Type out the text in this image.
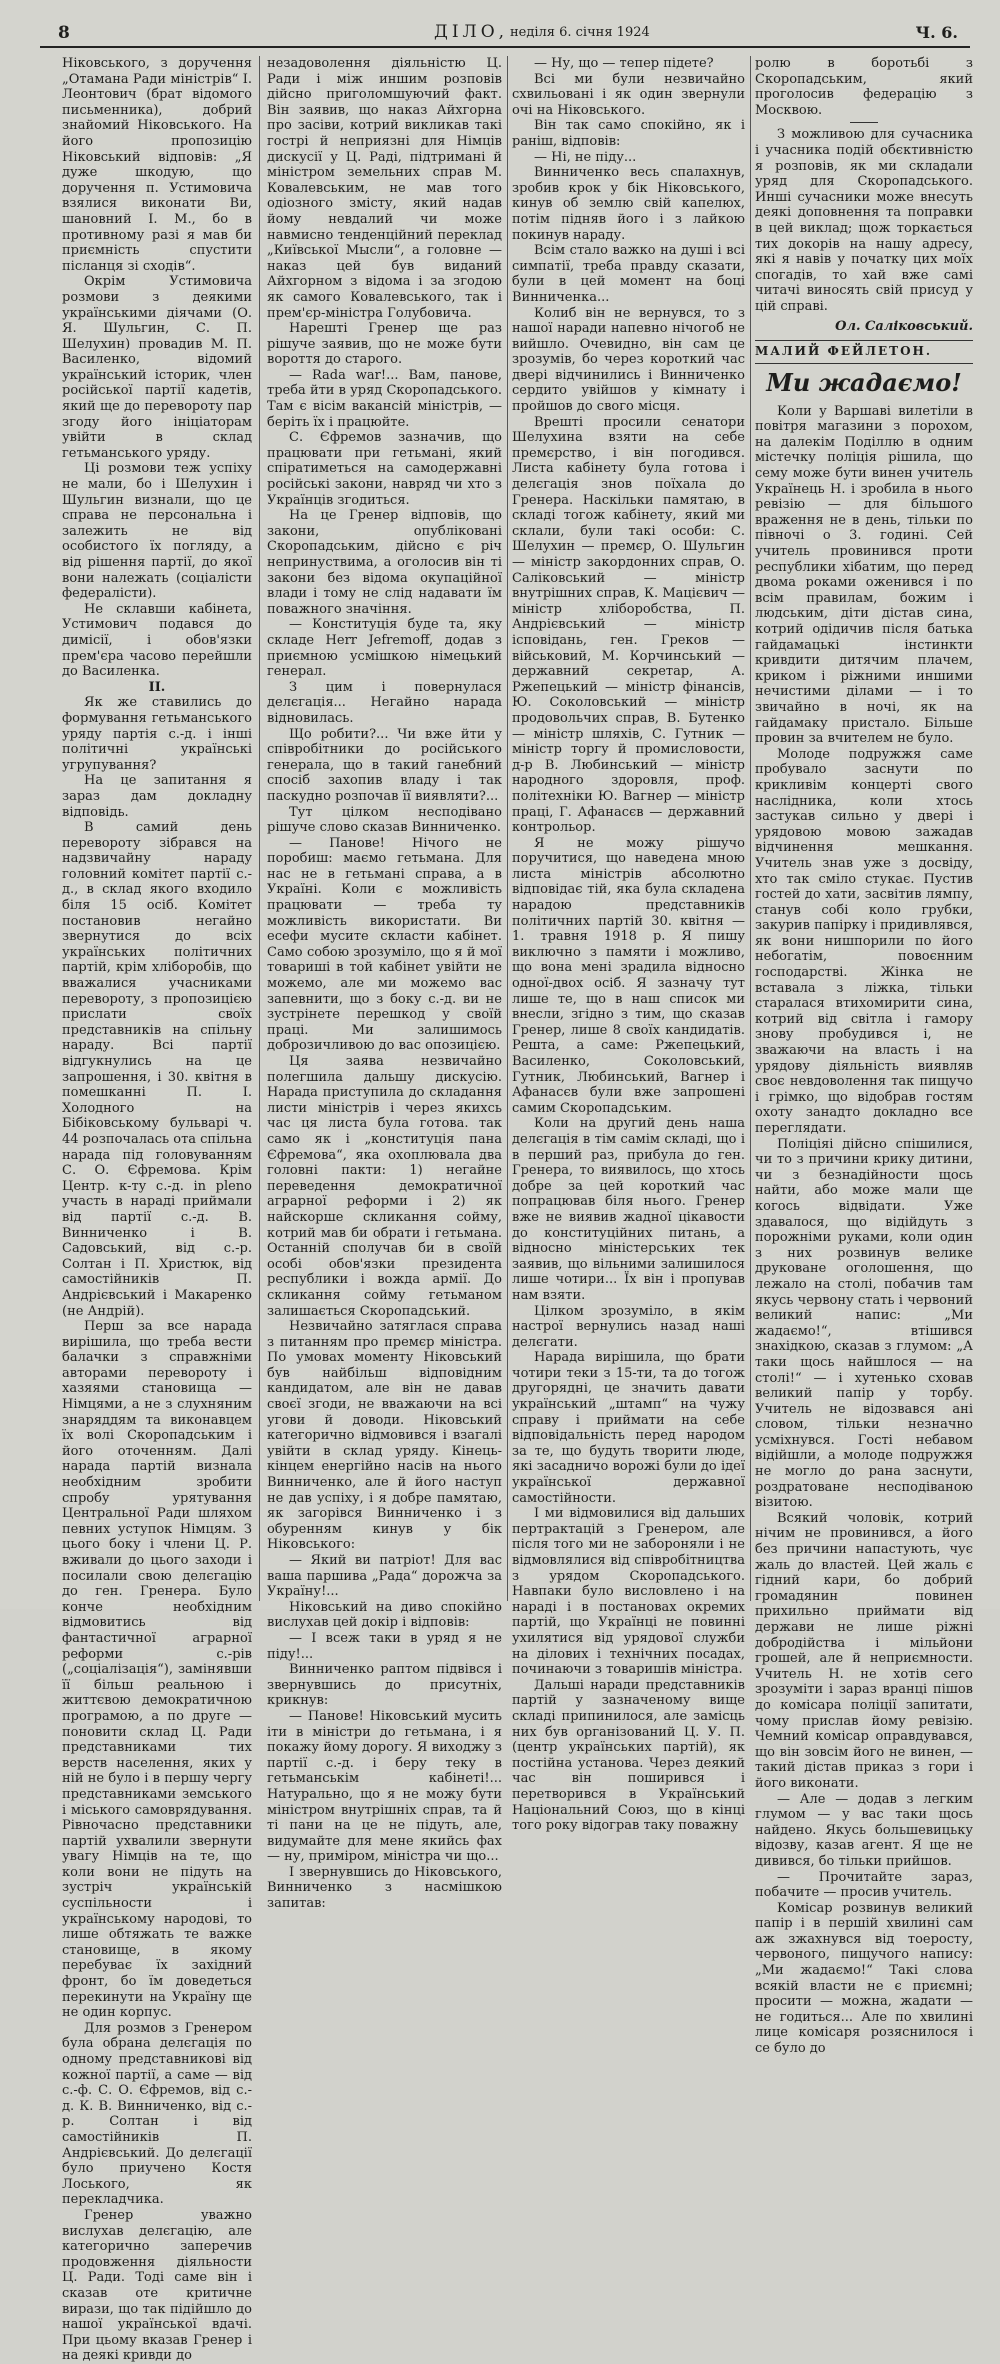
8	ДІЛО, неділя 6. січня 1924	Ч. 6.

Ніковського, з доручення „Отамана Ради міністрів“ І. Леонтович (брат відомого письменника), добрий знайомий Ніковського. На його пропозицію Ніковський відповів: „Я дуже шкодую, що доручення п. Устимовича взялися виконати Ви, шановний І. М., бо в противному разі я мав би приємність спустити післанця зі сходів“.

Окрім Устимовича розмови з деякими українськими діячами (О. Я. Шульгин, С. П. Шелухин) провадив М. П. Василенко, відомий український історик, член російської партії кадетів, який ще до перевороту пар згоду його ініціаторам увійти в склад гетьманського уряду.

Ці розмови теж успіху не мали, бо і Шелухин і Шульгин визнали, що це справа не персональна і залежить не від особистого їх погляду, а від рішення партії, до якої вони належать (соціалісти федералісти).

Не склавши кабінета, Устимович подався до димісії, і обов'язки прем'єра часово перейшли до Василенка.

II.

Як же ставились до формування гетьманського уряду партія с.-д. і інші політичні українські угрупування?

На це запитання я зараз дам докладну відповідь.

В самий день перевороту зібрався на надзвичайну нараду головний комітет партії с.-д., в склад якого входило біля 15 осіб. Комітет постановив негайно звернутися до всіх українських політичних партій, крім хліборобів, що вважалися учасниками перевороту, з пропозицією прислати своїх представників на спільну нараду. Всі партії відгукнулись на це запрошення, і 30. квітня в помешканні П. І. Холодного на Бібіковському бульварі ч. 44 розпочалась ота спільна нарада під головуванням С. О. Єфремова. Крім Центр. к-ту с.-д. in pleno участь в нараді приймали від партії с.-д. В. Винниченко і В. Садовський, від с.-р. Солтан і П. Христюк, від самостійників П. Андрієвський і Макаренко (не Андрій).

Перш за все нарада вирішила, що треба вести балачки з справжніми авторами перевороту і хазяями становища — Німцями, а не з слухняним знаряддям та виконавцем їх волі Скоропадським і його оточенням. Далі нарада партій визнала необхідним зробити спробу урятування Центральної Ради шляхом певних уступок Німцям. З цього боку і члени Ц. Р. вживали до цього заходи і посилали свою делєгацію до ген. Гренера. Було конче необхідним відмовитись від фантастичної аграрної реформи с.-рів („соціалізація“), замінявши її більш реальною і життєвою демократичною програмою, а по друге — поновити склад Ц. Ради представниками тих верств населення, яких у ній не було і в першу чергу представниками земського і міського самоврядування. Рівночасно представники партій ухвалили звернути увагу Німців на те, що коли вони не підуть на зустріч українській суспільности і українському народові, то лише обтяжать те важке становище, в якому перебуває їх західний фронт, бо їм доведеться перекинути на Україну ще не один корпус.

Для розмов з Гренером була обрана делєгація по одному представникові від кожної партії, а саме — від с.-ф. С. О. Єфремов, від с.-д. К. В. Винниченко, від с.-р. Солтан і від самостійників П. Андрієвський. До делєгації було приучено Костя Лоського, як перекладчика.

Гренер уважно вислухав делєгацію, але категорично заперечив продовження діяльности Ц. Ради. Тоді саме він і сказав оте критичне вирази, що так підійшло до нашої української вдачі. При цьому вказав Гренер і на деякі кривди до

незадоволення діяльністю Ц. Ради і між иншим розповів дійсно приголомшуючий факт. Він заявив, що наказ Айхгорна про засіви, котрий викликав такі гострі й неприязні для Німців дискусії у Ц. Раді, підтримані й міністром земельних справ М. Ковалевським, не мав того одіозного змісту, який надав йому невдалий чи може навмисно тенденційний переклад „Київської Мысли“, а головне — наказ цей був виданий Айхгорном з відома і за згодою як самого Ковалевського, так і прем'єр-міністра Голубовича.

Нарешті Гренер ще раз рішуче заявив, що не може бути вороття до старого.

— Rada war!... Вам, панове, треба йти в уряд Скоропадського. Там є вісім вакансій міністрів, — беріть їх і працюйте.

С. Єфремов зазначив, що працювати при гетьмані, який спіратиметься на самодержавні російські закони, навряд чи хто з Українців згодиться.

На це Гренер відповів, що закони, опубліковані Скоропадським, дійсно є річ непринуствима, а оголосив він ті закони без відома окупаційної влади і тому не слід надавати їм поважного значіння.

— Конституція буде та, яку складе Herr Jefremoff, додав з приємною усмішкою німецький генерал.

З цим і повернулася делєгація... Негайно нарада відновилась.

Що робити?... Чи вже йти у співробітники до російського генерала, що в такий ганебний спосіб захопив владу і так паскудно розпочав її виявляти?...

Тут цілком несподівано рішуче слово сказав Винниченко.

— Панове! Нічого не поробиш: маємо гетьмана. Для нас не в гетьмані справа, а в Україні. Коли є можливість працювати — треба ту можливість використати. Ви есефи мусите скласти кабінет. Само собою зрозуміло, що я й мої товариші в той кабінет увійти не можемо, але ми можемо вас запевнити, що з боку с.-д. ви не зустрінете перешкод у своїй праці. Ми залишимось доброзичливою до вас опозицією.

Ця заява незвичайно полегшила дальшу дискусію. Нарада приступила до складання листи міністрів і через якихсь час ця листа була готова. так само як і „конституція пана Єфремова“, яка охоплювала два головні пакти: 1) негайне переведення демократичної аграрної реформи і 2) як найскорше скликання сойму, котрий мав би обрати і гетьмана. Останній сполучав би в своїй особі обов'язки президента республики і вожда армії. До скликання сойму гетьманом залишається Скоропадський.

Незвичайно затяглася справа з питанням про премєр міністра. По умовах моменту Ніковський був найбільш відповідним кандидатом, але він не давав своєї згоди, не вважаючи на всі угови й доводи. Ніковський категорично відмовився і взагалі увійти в склад уряду. Кінець-кінцем енергійно насів на нього Винниченко, але й його наступ не дав успіху, і я добре памятаю, як загорівся Винниченко і з обуренням кинув у бік Ніковського:

— Який ви патріот! Для вас ваша паршива „Рада“ дорожча за Україну!...

Ніковський на диво спокійно вислухав цей докір і відповів:

— І всеж таки в уряд я не піду!...

Винниченко раптом підвівся і звернувшись до присутніх, крикнув:

— Панове! Ніковський мусить іти в міністри до гетьмана, і я покажу йому дорогу. Я виходжу з партії с.-д. і беру теку в гетьманськім кабінеті!... Натурально, що я не можу бути міністром внутрішніх справ, та й ті пани на це не підуть, але, видумайте для мене якийсь фах — ну, приміром, міністра чи що...

І звернувшись до Ніковського, Винниченко з насмішкою запитав:

— Ну, що — тепер підете?

Всі ми були незвичайно схвильовані і як один звернули очі на Ніковського.

Він так само спокійно, як і раніш, відповів:

— Ні, не піду...

Винниченко весь спалахнув, зробив крок у бік Ніковського, кинув об землю свій капелюх, потім підняв його і з лайкою покинув нараду.

Всім стало важко на душі і всі симпатії, треба правду сказати, були в цей момент на боці Винниченка...

Колиб він не вернувся, то з нашої наради напевно нічогоб не вийшло. Очевидно, він сам це зрозумів, бо через короткий час двері відчинились і Винниченко сердито увійшов у кімнату і пройшов до свого місця.

Врешті просили сенатори Шелухина взяти на себе премєрство, і він погодився. Листа кабінету була готова і делєгація знов поїхала до Гренера. Наскільки памятаю, в складі тогож кабінету, який ми склали, були такі особи: С. Шелухин — премєр, О. Шульгин — міністр закордонних справ, О. Саліковський — міністр внутрішних справ, К. Мацієвич — міністр хліборобства, П. Андрієвський — міністр ісповідань, ген. Греков — військовий, М. Корчинський — державний секретар, А. Ржепецький — міністр фінансів, Ю. Соколовський — міністр продовольчих справ, В. Бутенко — міністр шляхів, С. Гутник — міністр торгу й промисловости, д-р В. Любинський — міністр народного здоровля, проф. політехніки Ю. Вагнер — міністр праці, Г. Афанасєв — державний контрольор.

Я не можу рішучо поручитися, що наведена мною листа міністрів абсолютно відповідає тій, яка була складена нарадою представників політичних партій 30. квітня — 1. травня 1918 р. Я пишу виключно з памяти і можливо, що вона мені зрадила відносно одної-двох осіб. Я зазначу тут лише те, що в наш список ми внесли, згідно з тим, що сказав Гренер, лише 8 своїх кандидатів. Решта, а саме: Ржепецький, Василенко, Соколовський, Гутник, Любинський, Вагнер і Афанасєв були вже запрошені самим Скоропадським.

Коли на другий день наша делєгація в тім самім складі, що і в перший раз, прибула до ген. Гренера, то виявилось, що хтось добре за цей короткий час попрацював біля нього. Гренер вже не виявив жадної цікавости до конституційних питань, а відносно міністерських тек заявив, що вільними залишилося лише чотири... Їх він і пропував нам взяти.

Цілком зрозуміло, в якім настрої вернулись назад наші делєгати.

Нарада вирішила, що брати чотири теки з 15-ти, та до тогож другорядні, це значить давати український „штамп“ на чужу справу і приймати на себе відповідальність перед народом за те, що будуть творити люде, які засадничо ворожі були до ідеї української державної самостійности.

І ми відмовилися від дальших пертрактацій з Гренером, але після того ми не забороняли і не відмовлялися від співробітництва з урядом Скоропадського. Навпаки було висловлено і на нараді і в постановах окремих партій, що Українці не повинні ухилятися від урядової служби на ділових і технічних посадах, починаючи з товаришів міністра.

Дальші наради представників партій у зазначеному вище складі припинилося, але замісць них був організований Ц. У. П. (центр українських партій), як постійна установа. Через деякий час він поширився і перетворився в Український Національний Союз, що в кінці того року відограв таку поважну

ролю в боротьбі з Скоропадським, який проголосив федерацію з Москвою.

З можливою для сучасника і учасника подій обєктивністю я розповів, як ми складали уряд для Скоропадського. Инші сучасники може внесуть деякі доповнення та поправки в цей виклад; щож торкається тих докорів на нашу адресу, які я навів у початку цих моїх спогадів, то хай вже самі читачі виносять свій присуд у цій справі.

Ол. Саліковський.
МАЛИЙ ФЕЙЛЕТОН.
Ми жадаємо!

Коли у Варшаві вилетіли в повітря магазини з порохом, на далекім Поділлю в одним містечку поліція рішила, що сему може бути винен учитель Українець Н. і зробила в нього ревізію — для більшого враження не в день, тільки по півночі о 3. годині. Сей учитель провинився проти республики хібатим, що перед двома роками оженився і по всім правилам, божим і людським, діти дістав сина, котрий одідичив після батька гайдамацькі інстинкти кривдити дитячим плачем, криком і ріжними иншими нечистими ділами — і то звичайно в ночі, як на гайдамаку пристало. Більше провин за вчителем не було.

Молоде подружжя саме пробувало заснути по крикливім концерті свого наслідника, коли хтось застукав сильно у двері і урядовою мовою зажадав відчинення мешкання. Учитель знав уже з досвіду, хто так сміло стукає. Пустив гостей до хати, засвітив лямпу, станув собі коло грубки, закурив папірку і придивлявся, як вони нишпорили по його небогатім, повоєнним господарстві. Жінка не вставала з ліжка, тільки старалася втихомирити сина, котрий від світла і гамору знову пробудився і, не зважаючи на власть і на урядову діяльність виявляв своє невдоволення так пищучо і грімко, що відобрав гостям охоту занадто докладно все переглядати.

Поліціяі дійсно спішилися, чи то з причини крику дитини, чи з безнадійности щось найти, або може мали ще когось відвідати. Уже здавалося, що відійдуть з порожніми руками, коли один з них розвинув велике друковане оголошення, що лежало на столі, побачив там якусь червону стать і червоний великий напис: „Ми жадаємо!“, втішився знахідкою, сказав з глумом: „А таки щось найшлося — на столі!“ — і хутенько сховав великий папір у торбу. Учитель не відозвався ані словом, тільки незначно усміхнувся. Гості небавом відійшли, а молоде подружжя не могло до рана заснути, роздратоване несподіваною візитою.

Всякий чоловік, котрий нічим не провинився, а його без причини напастують, чує жаль до властей. Цей жаль є гідний кари, бо добрий громадянин повинен прихильно приймати від держави не лише ріжні добродійства і мільйони грошей, але й неприємности. Учитель Н. не хотів сего зрозуміти і зараз вранці пішов до комісара поліції запитати, чому прислав йому ревізію. Чемний комісар оправдувався, що він зовсім його не винен, — такий дістав приказ з гори і його виконати.

— Але — додав з легким глумом — у вас таки щось найдено. Якусь большевицьку відозву, казав агент. Я ще не дивився, бо тільки прийшов.

— Прочитайте зараз, побачите — просив учитель.

Комісар розвинув великий папір і в першій хвилині сам аж зжахнувся від тоеросту, червоного, пищучого напису: „Ми жадаємо!“ Такі слова всякій власти не є приємні; просити — можна, жадати — не годиться... Але по хвилині лице комісаря розяснилося і се було до
